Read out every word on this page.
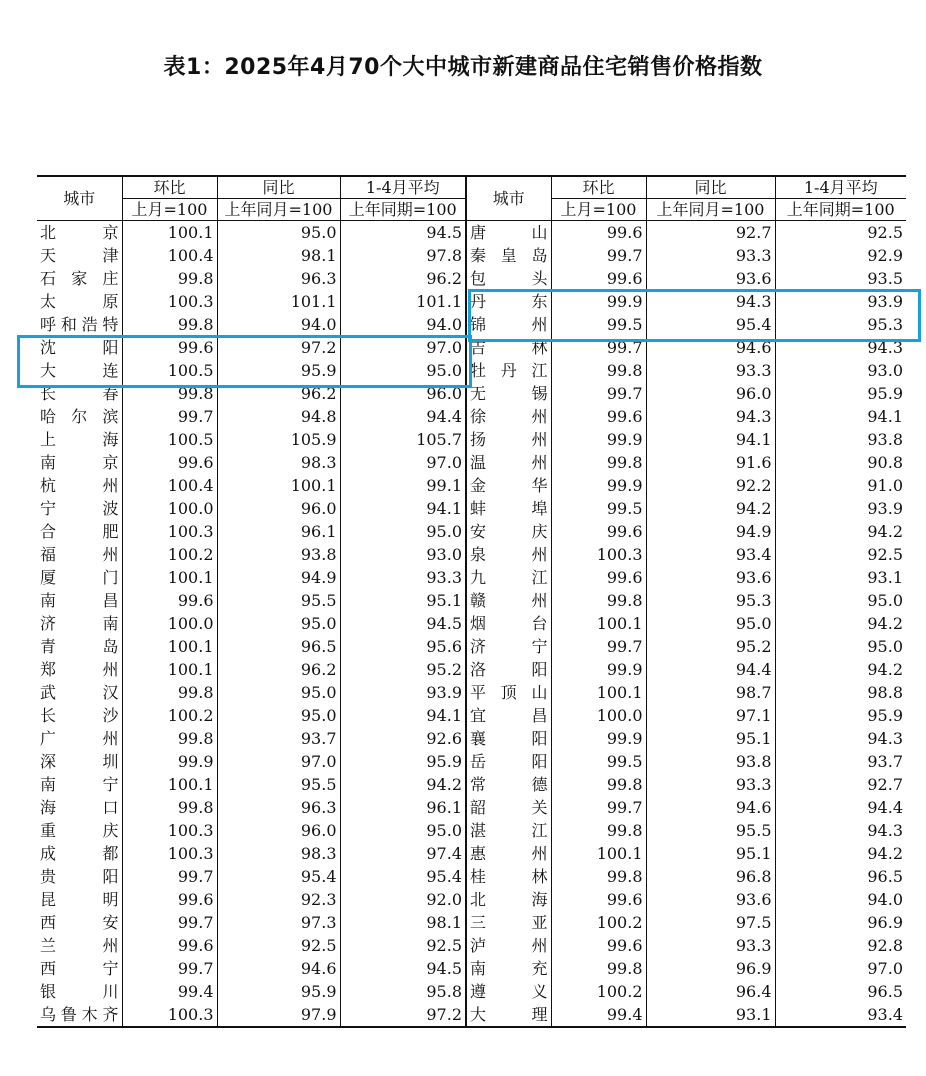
表1：2025年4月70个大中城市新建商品住宅销售价格指数
城市	环比	同比	1-4月平均	城市	环比	同比	1-4月平均
	上月=100	上年同月=100	上年同期=100		上月=100	上年同月=100	上年同期=100
北京	100.1	95.0	94.5	唐山	99.6	92.7	92.5
天津	100.4	98.1	97.8	秦皇岛	99.7	93.3	92.9
石家庄	99.8	96.3	96.2	包头	99.6	93.6	93.5
太原	100.3	101.1	101.1	丹东	99.9	94.3	93.9
呼和浩特	99.8	94.0	94.0	锦州	99.5	95.4	95.3
沈阳	99.6	97.2	97.0	吉林	99.7	94.6	94.3
大连	100.5	95.9	95.0	牡丹江	99.8	93.3	93.0
长春	99.8	96.2	96.0	无锡	99.7	96.0	95.9
哈尔滨	99.7	94.8	94.4	徐州	99.6	94.3	94.1
上海	100.5	105.9	105.7	扬州	99.9	94.1	93.8
南京	99.6	98.3	97.0	温州	99.8	91.6	90.8
杭州	100.4	100.1	99.1	金华	99.9	92.2	91.0
宁波	100.0	96.0	94.1	蚌埠	99.5	94.2	93.9
合肥	100.3	96.1	95.0	安庆	99.6	94.9	94.2
福州	100.2	93.8	93.0	泉州	100.3	93.4	92.5
厦门	100.1	94.9	93.3	九江	99.6	93.6	93.1
南昌	99.6	95.5	95.1	赣州	99.8	95.3	95.0
济南	100.0	95.0	94.5	烟台	100.1	95.0	94.2
青岛	100.1	96.5	95.6	济宁	99.7	95.2	95.0
郑州	100.1	96.2	95.2	洛阳	99.9	94.4	94.2
武汉	99.8	95.0	93.9	平顶山	100.1	98.7	98.8
长沙	100.2	95.0	94.1	宜昌	100.0	97.1	95.9
广州	99.8	93.7	92.6	襄阳	99.9	95.1	94.3
深圳	99.9	97.0	95.9	岳阳	99.5	93.8	93.7
南宁	100.1	95.5	94.2	常德	99.8	93.3	92.7
海口	99.8	96.3	96.1	韶关	99.7	94.6	94.4
重庆	100.3	96.0	95.0	湛江	99.8	95.5	94.3
成都	100.3	98.3	97.4	惠州	100.1	95.1	94.2
贵阳	99.7	95.4	95.4	桂林	99.8	96.8	96.5
昆明	99.6	92.3	92.0	北海	99.6	93.6	94.0
西安	99.7	97.3	98.1	三亚	100.2	97.5	96.9
兰州	99.6	92.5	92.5	泸州	99.6	93.3	92.8
西宁	99.7	94.6	94.5	南充	99.8	96.9	97.0
银川	99.4	95.9	95.8	遵义	100.2	96.4	96.5
乌鲁木齐	100.3	97.9	97.2	大理	99.4	93.1	93.4
